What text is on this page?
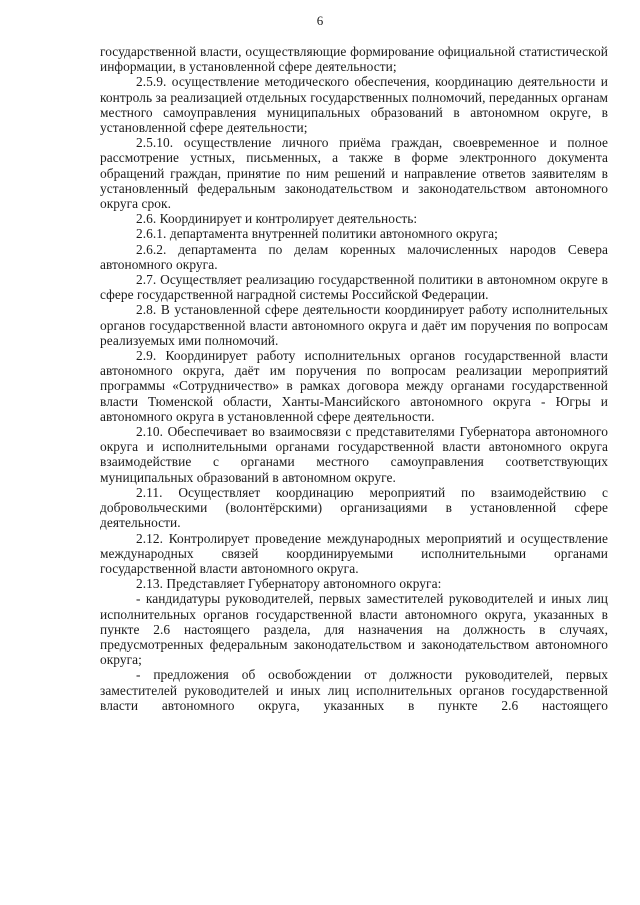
6

государственной власти, осуществляющие формирование официальной статистической информации, в установленной сфере деятельности;

2.5.9. осуществление методического обеспечения, координацию деятельности и контроль за реализацией отдельных государственных полномочий, переданных органам местного самоуправления муниципальных образований в автономном округе, в установленной сфере деятельности;

2.5.10. осуществление личного приёма граждан, своевременное и полное рассмотрение устных, письменных, а также в форме электронного документа обращений граждан, принятие по ним решений и направление ответов заявителям в установленный федеральным законодательством и законодательством автономного округа срок.

2.6. Координирует и контролирует деятельность:

2.6.1. департамента внутренней политики автономного округа;

2.6.2. департамента по делам коренных малочисленных народов Севера автономного округа.

2.7. Осуществляет реализацию государственной политики в автономном округе в сфере государственной наградной системы Российской Федерации.

2.8. В установленной сфере деятельности координирует работу исполнительных органов государственной власти автономного округа и даёт им поручения по вопросам реализуемых ими полномочий.

2.9. Координирует работу исполнительных органов государственной власти автономного округа, даёт им поручения по вопросам реализации мероприятий программы «Сотрудничество» в рамках договора между органами государственной власти Тюменской области, Ханты-Мансийского автономного округа - Югры и автономного округа в установленной сфере деятельности.

2.10. Обеспечивает во взаимосвязи с представителями Губернатора автономного округа и исполнительными органами государственной власти автономного округа взаимодействие с органами местного самоуправления соответствующих муниципальных образований в автономном округе.

2.11. Осуществляет координацию мероприятий по взаимодействию с добровольческими (волонтёрскими) организациями в установленной сфере деятельности.

2.12. Контролирует проведение международных мероприятий и осуществление международных связей координируемыми исполнительными органами государственной власти автономного округа.

2.13. Представляет Губернатору автономного округа:

- кандидатуры руководителей, первых заместителей руководителей и иных лиц исполнительных органов государственной власти автономного округа, указанных в пункте 2.6 настоящего раздела, для назначения на должность в случаях, предусмотренных федеральным законодательством и законодательством автономного округа;

- предложения об освобождении от должности руководителей, первых заместителей руководителей и иных лиц исполнительных органов государственной власти автономного округа, указанных в пункте 2.6 настоящего
